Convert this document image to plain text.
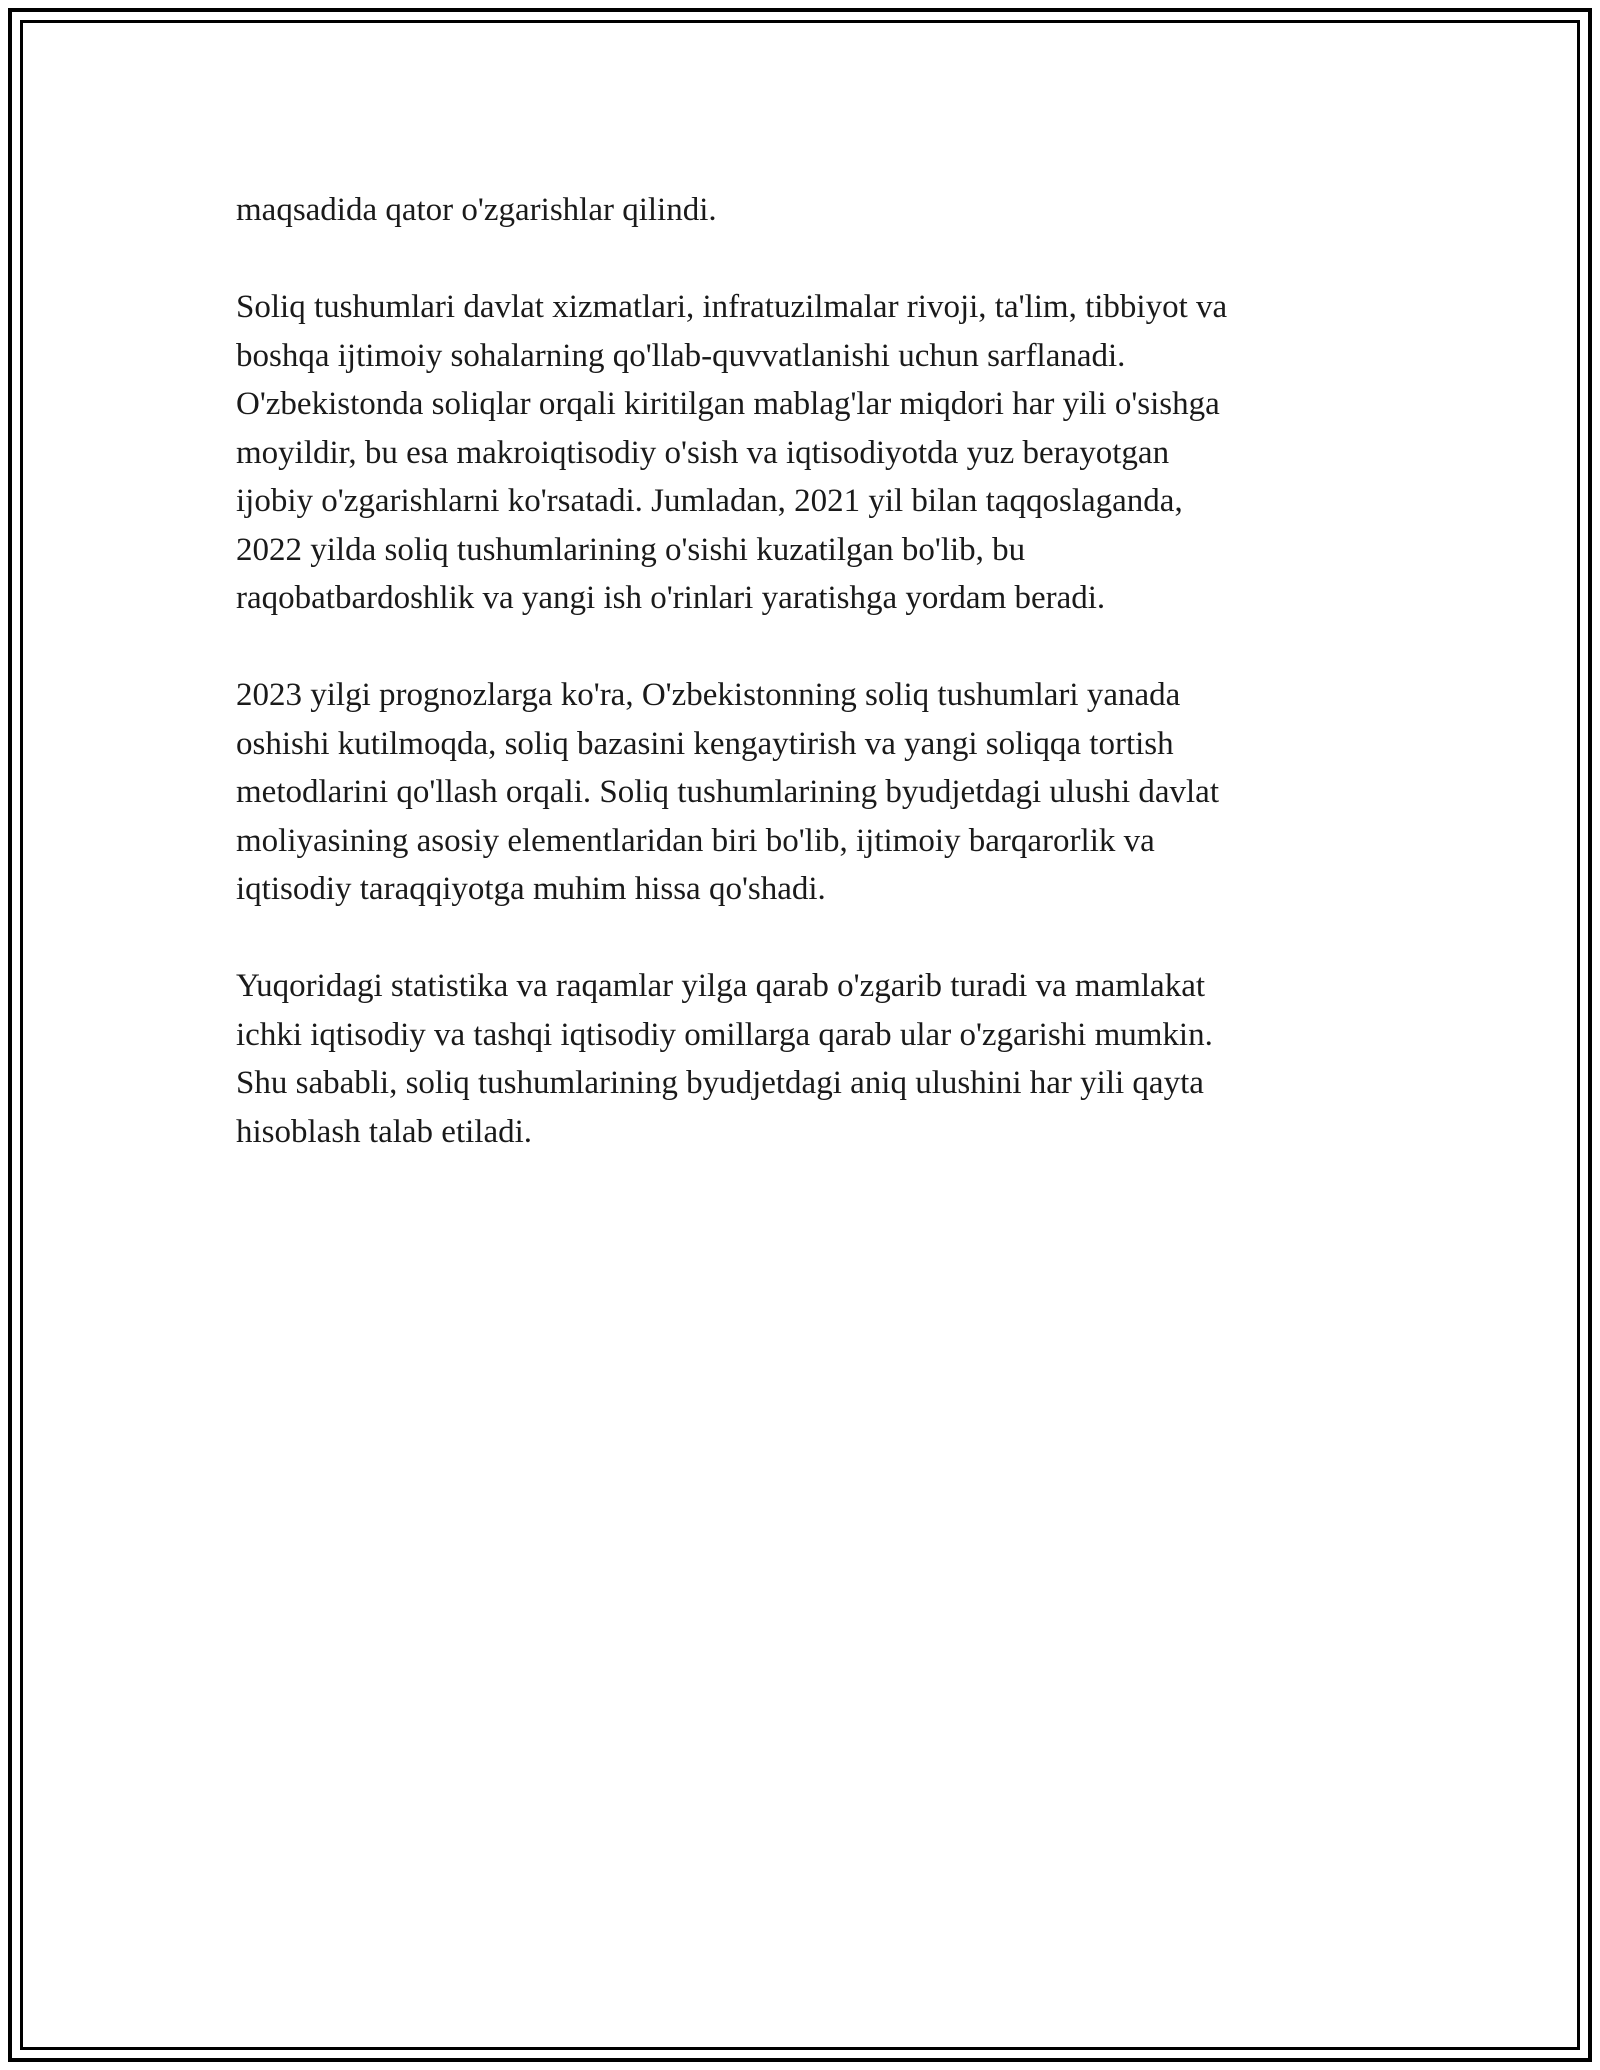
maqsadida qator o'zgarishlar qilindi.

Soliq tushumlari davlat xizmatlari, infratuzilmalar rivoji, ta'lim, tibbiyot va
boshqa ijtimoiy sohalarning qo'llab-quvvatlanishi uchun sarflanadi.
O'zbekistonda soliqlar orqali kiritilgan mablag'lar miqdori har yili o'sishga
moyildir, bu esa makroiqtisodiy o'sish va iqtisodiyotda yuz berayotgan
ijobiy o'zgarishlarni ko'rsatadi. Jumladan, 2021 yil bilan taqqoslaganda,
2022 yilda soliq tushumlarining o'sishi kuzatilgan bo'lib, bu
raqobatbardoshlik va yangi ish o'rinlari yaratishga yordam beradi.

2023 yilgi prognozlarga ko'ra, O'zbekistonning soliq tushumlari yanada
oshishi kutilmoqda, soliq bazasini kengaytirish va yangi soliqqa tortish
metodlarini qo'llash orqali. Soliq tushumlarining byudjetdagi ulushi davlat
moliyasining asosiy elementlaridan biri bo'lib, ijtimoiy barqarorlik va
iqtisodiy taraqqiyotga muhim hissa qo'shadi.

Yuqoridagi statistika va raqamlar yilga qarab o'zgarib turadi va mamlakat
ichki iqtisodiy va tashqi iqtisodiy omillarga qarab ular o'zgarishi mumkin.
Shu sababli, soliq tushumlarining byudjetdagi aniq ulushini har yili qayta
hisoblash talab etiladi.
